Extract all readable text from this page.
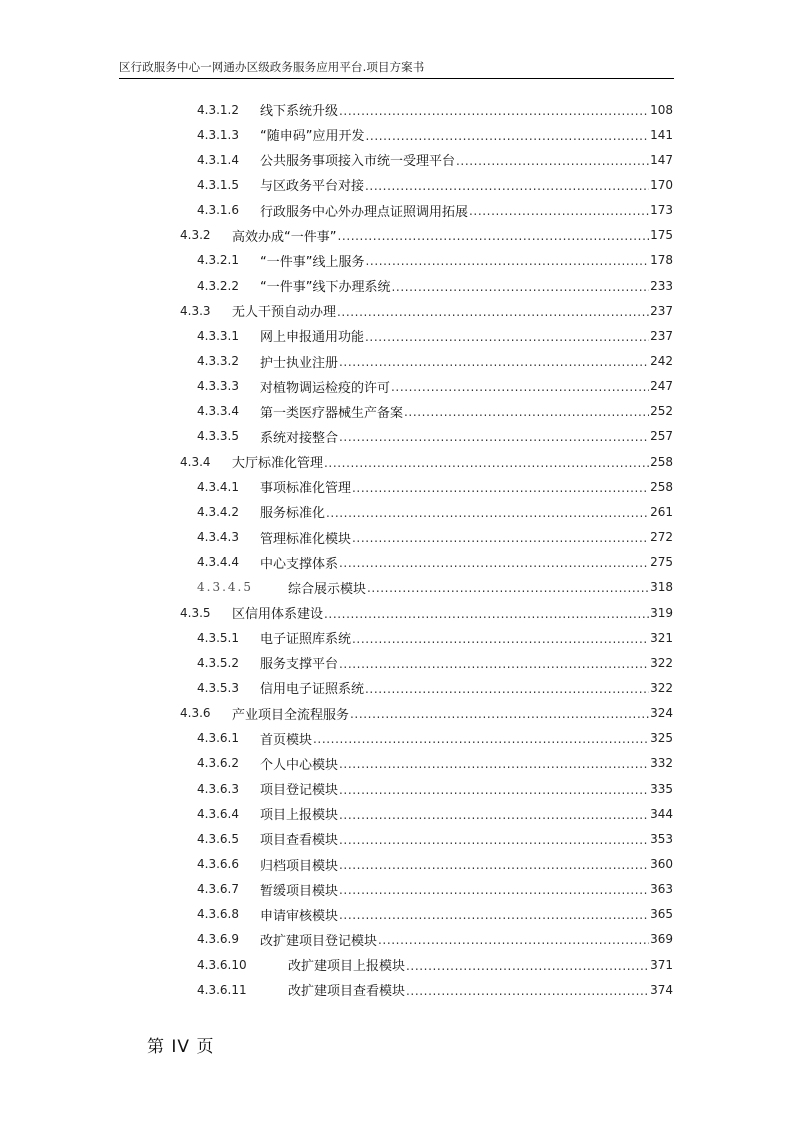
区行政服务中心一网通办区级政务服务应用平台.项目方案书
4.3.1.2	线下系统升级 .....	108
4.3.1.3	“随申码”应用开发 .....	141
4.3.1.4	公共服务事项接入市统一受理平台 .....	147
4.3.1.5	与区政务平台对接 .....	170
4.3.1.6	行政服务中心外办理点证照调用拓展 .....	173
4.3.2	高效办成“一件事” .....	175
4.3.2.1	“一件事”线上服务 .....	178
4.3.2.2	“一件事”线下办理系统 .....	233
4.3.3	无人干预自动办理 .....	237
4.3.3.1	网上申报通用功能 .....	237
4.3.3.2	护士执业注册 .....	242
4.3.3.3	对植物调运检疫的许可 .....	247
4.3.3.4	第一类医疗器械生产备案 .....	252
4.3.3.5	系统对接整合 .....	257
4.3.4	大厅标准化管理 .....	258
4.3.4.1	事项标准化管理 .....	258
4.3.4.2	服务标准化 .....	261
4.3.4.3	管理标准化模块 .....	272
4.3.4.4	中心支撑体系 .....	275
4.3.4.5	综合展示模块 .....	318
4.3.5	区信用体系建设 .....	319
4.3.5.1	电子证照库系统 .....	321
4.3.5.2	服务支撑平台 .....	322
4.3.5.3	信用电子证照系统 .....	322
4.3.6	产业项目全流程服务 .....	324
4.3.6.1	首页模块 .....	325
4.3.6.2	个人中心模块 .....	332
4.3.6.3	项目登记模块 .....	335
4.3.6.4	项目上报模块 .....	344
4.3.6.5	项目查看模块 .....	353
4.3.6.6	归档项目模块 .....	360
4.3.6.7	暂缓项目模块 .....	363
4.3.6.8	申请审核模块 .....	365
4.3.6.9	改扩建项目登记模块 .....	369
4.3.6.10	改扩建项目上报模块 .....	371
4.3.6.11	改扩建项目查看模块 .....	374
第 IV 页
